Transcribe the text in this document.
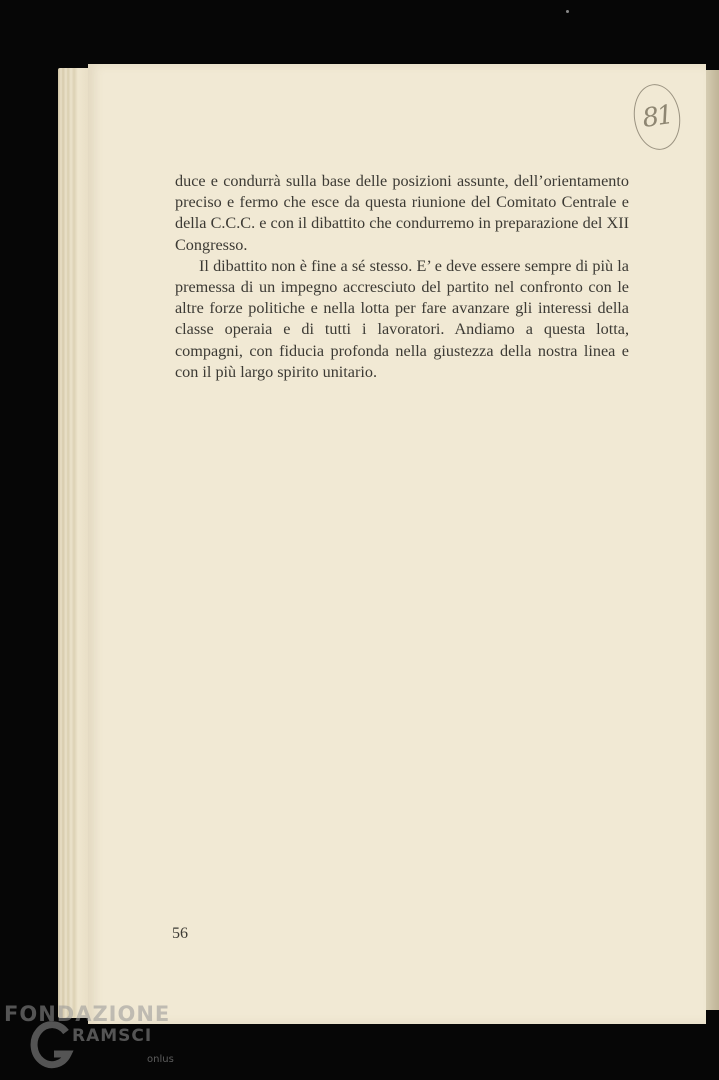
81

duce e condurrà sulla base delle posizioni assunte, dell’orientamento preciso e fermo che esce da questa riunione del Comitato Centrale e della C.C.C. e con il dibattito che condurremo in preparazione del XII Congresso.

Il dibattito non è fine a sé stesso. E’ e deve essere sempre di più la premessa di un impegno accresciuto del partito nel confronto con le altre forze politiche e nella lotta per fare avanzare gli interessi della classe operaia e di tutti i lavoratori. Andiamo a questa lotta, compagni, con fiducia profonda nella giustezza della nostra linea e con il più largo spirito unitario.

56
FONDAZIONE
RAMSCI
onlus
